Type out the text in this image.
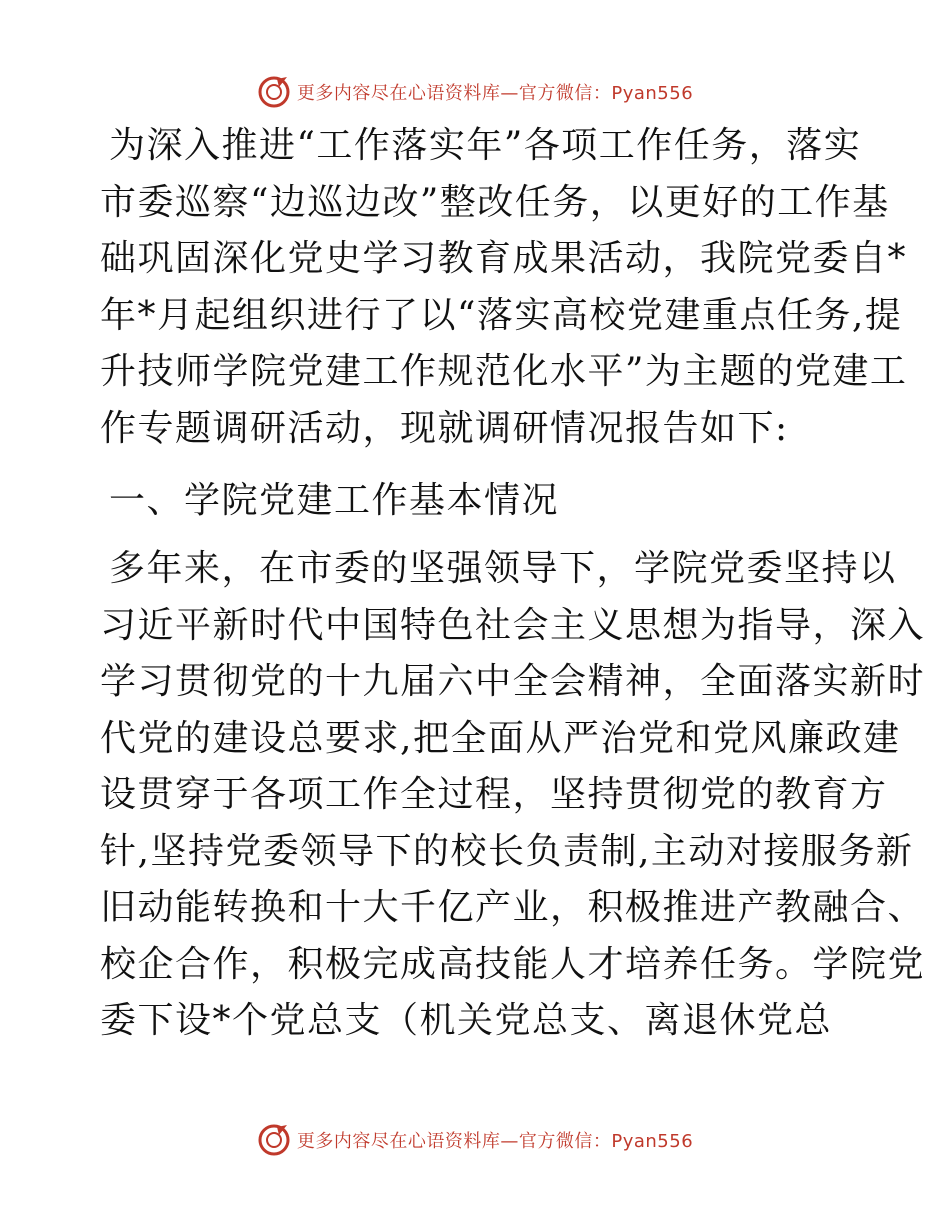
更多内容尽在心语资料库—官方微信：Pyan556

为深入推进“工作落实年”各项工作任务，落实
市委巡察“边巡边改”整改任务，以更好的工作基
础巩固深化党史学习教育成果活动，我院党委自*
年*月起组织进行了以“落实高校党建重点任务,提
升技师学院党建工作规范化水平”为主题的党建工
作专题调研活动，现就调研情况报告如下:

一、学院党建工作基本情况

多年来，在市委的坚强领导下，学院党委坚持以
习近平新时代中国特色社会主义思想为指导，深入
学习贯彻党的十九届六中全会精神，全面落实新时
代党的建设总要求,把全面从严治党和党风廉政建
设贯穿于各项工作全过程，坚持贯彻党的教育方
针,坚持党委领导下的校长负责制,主动对接服务新
旧动能转换和十大千亿产业，积极推进产教融合、
校企合作，积极完成高技能人才培养任务。学院党
委下设*个党总支（机关党总支、离退休党总

更多内容尽在心语资料库—官方微信：Pyan556
